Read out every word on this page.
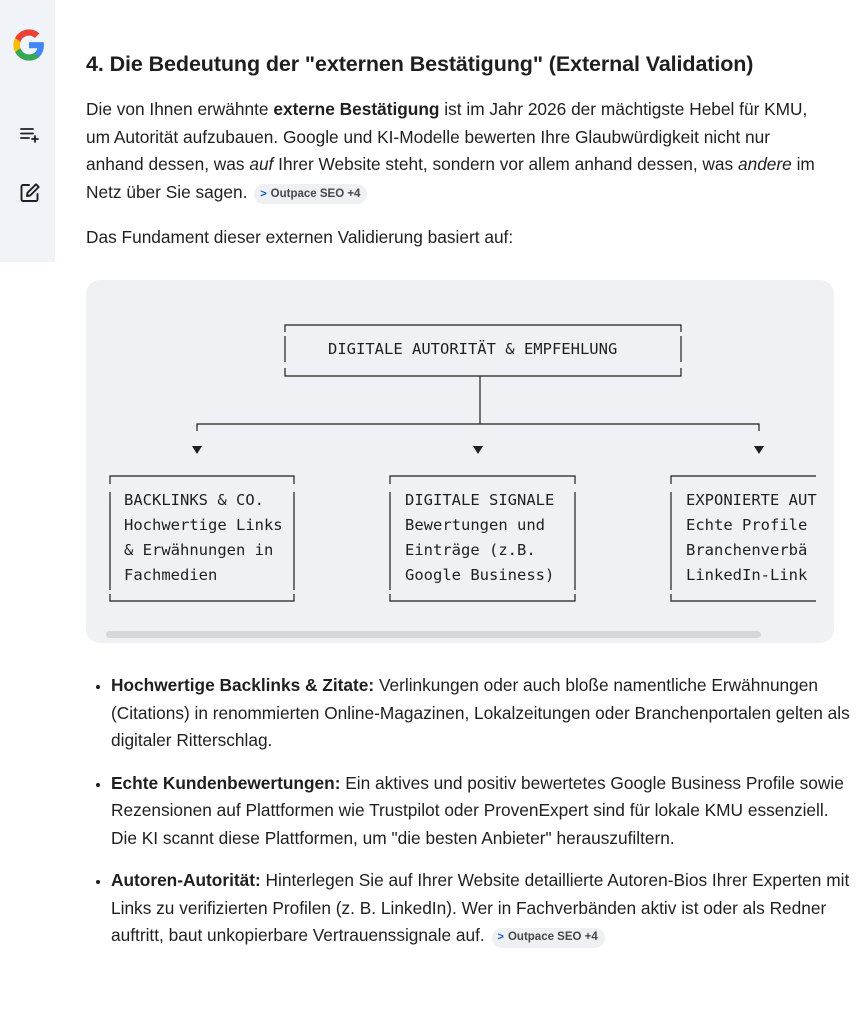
4. Die Bedeutung der "externen Bestätigung" (External Validation)

Die von Ihnen erwähnte externe Bestätigung ist im Jahr 2026 der mächtigste Hebel für KMU, um Autorität aufzubauen. Google und KI-Modelle bewerten Ihre Glaubwürdigkeit nicht nur anhand dessen, was auf Ihrer Website steht, sondern vor allem anhand dessen, was andere im Netz über Sie sagen. > Outpace SEO +4

Das Fundament dieser externen Validierung basiert auf:

DIGITALE AUTORITÄT & EMPFEHLUNG
BACKLINKS & CO.
Hochwertige Links
& Erwähnungen in
Fachmedien
DIGITALE SIGNALE
Bewertungen und
Einträge (z.B.
Google Business)
EXPONIERTE AUT
Echte Profile
Branchenverbä
LinkedIn-Link
• Hochwertige Backlinks & Zitate: Verlinkungen oder auch bloße namentliche Erwähnungen (Citations) in renommierten Online-Magazinen, Lokalzeitungen oder Branchenportalen gelten als digitaler Ritterschlag.
• Echte Kundenbewertungen: Ein aktives und positiv bewertetes Google Business Profile sowie Rezensionen auf Plattformen wie Trustpilot oder ProvenExpert sind für lokale KMU essenziell. Die KI scannt diese Plattformen, um "die besten Anbieter" herauszufiltern.
• Autoren-Autorität: Hinterlegen Sie auf Ihrer Website detaillierte Autoren-Bios Ihrer Experten mit Links zu verifizierten Profilen (z. B. LinkedIn). Wer in Fachverbänden aktiv ist oder als Redner auftritt, baut unkopierbare Vertrauenssignale auf. > Outpace SEO +4
